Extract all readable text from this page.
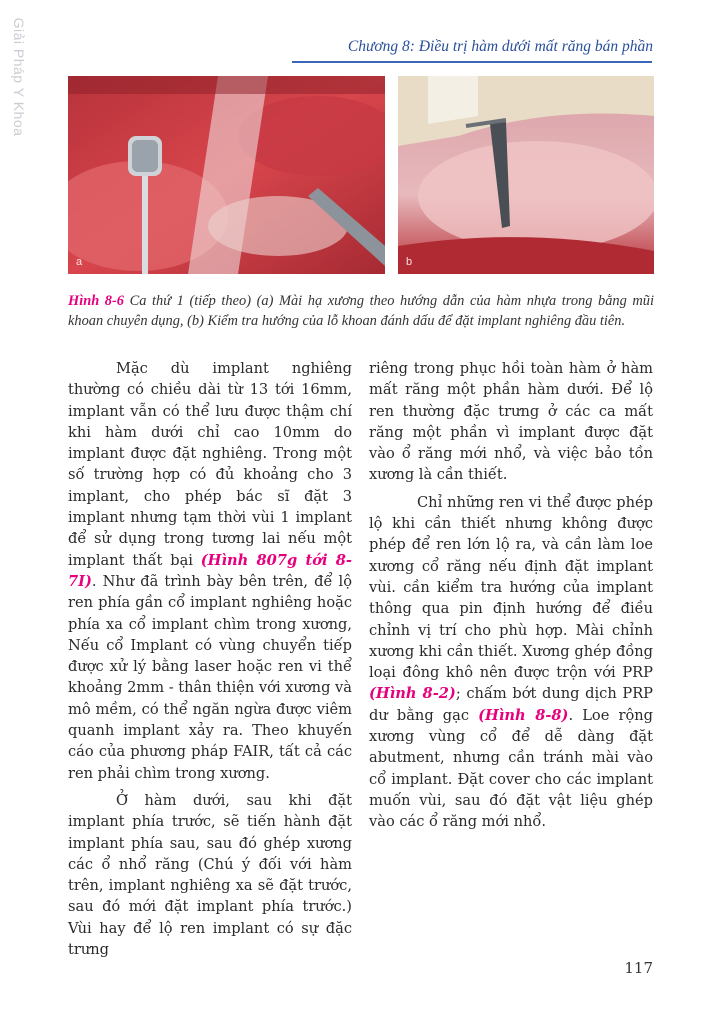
Giải Pháp Y Khoa	Chương 8: Điều trị hàm dưới mất răng bán phần
a	b
Hình 8-6 Ca thứ 1 (tiếp theo) (a) Mài hạ xương theo hướng dẫn của hàm nhựa trong bằng mũi khoan chuyên dụng, (b) Kiểm tra hướng của lỗ khoan đánh dấu để đặt implant nghiêng đầu tiên.

Mặc dù implant nghiêng thường có chiều dài từ 13 tới 16mm, implant vẫn có thể lưu được thậm chí khi hàm dưới chỉ cao 10mm do implant được đặt nghiêng. Trong một số trường hợp có đủ khoảng cho 3 implant, cho phép bác sĩ đặt 3 implant nhưng tạm thời vùi 1 implant để sử dụng trong tương lai nếu một implant thất bại (Hình 807g tới 8-7I). Như đã trình bày bên trên, để lộ ren phía gần cổ implant nghiêng hoặc phía xa cổ implant chìm trong xương, Nếu cổ Implant có vùng chuyển tiếp được xử lý bằng laser hoặc ren vi thể khoảng 2mm - thân thiện với xương và mô mềm, có thể ngăn ngừa được viêm quanh implant xảy ra. Theo khuyến cáo của phương pháp FAIR, tất cả các ren phải chìm trong xương.

Ở hàm dưới, sau khi đặt implant phía trước, sẽ tiến hành đặt implant phía sau, sau đó ghép xương các ổ nhổ răng (Chú ý đối với hàm trên, implant nghiêng xa sẽ đặt trước, sau đó mới đặt implant phía trước.) Vùi hay để lộ ren implant có sự đặc trưng

riêng trong phục hồi toàn hàm ở hàm mất răng một phần hàm dưới. Để lộ ren thường đặc trưng ở các ca mất răng một phần vì implant được đặt vào ổ răng mới nhổ, và việc bảo tồn xương là cần thiết.

Chỉ những ren vi thể được phép lộ khi cần thiết nhưng không được phép để ren lớn lộ ra, và cần làm loe xương cổ răng nếu định đặt implant vùi. cần kiểm tra hướng của implant thông qua pin định hướng để điều chỉnh vị trí cho phù hợp. Mài chỉnh xương khi cần thiết. Xương ghép đồng loại đông khô nên được trộn với PRP (Hình 8-2); chấm bớt dung dịch PRP dư bằng gạc (Hình 8-8). Loe rộng xương vùng cổ để dễ dàng đặt abutment, nhưng cần tránh mài vào cổ implant. Đặt cover cho các implant muốn vùi, sau đó đặt vật liệu ghép vào các ổ răng mới nhổ.

117
